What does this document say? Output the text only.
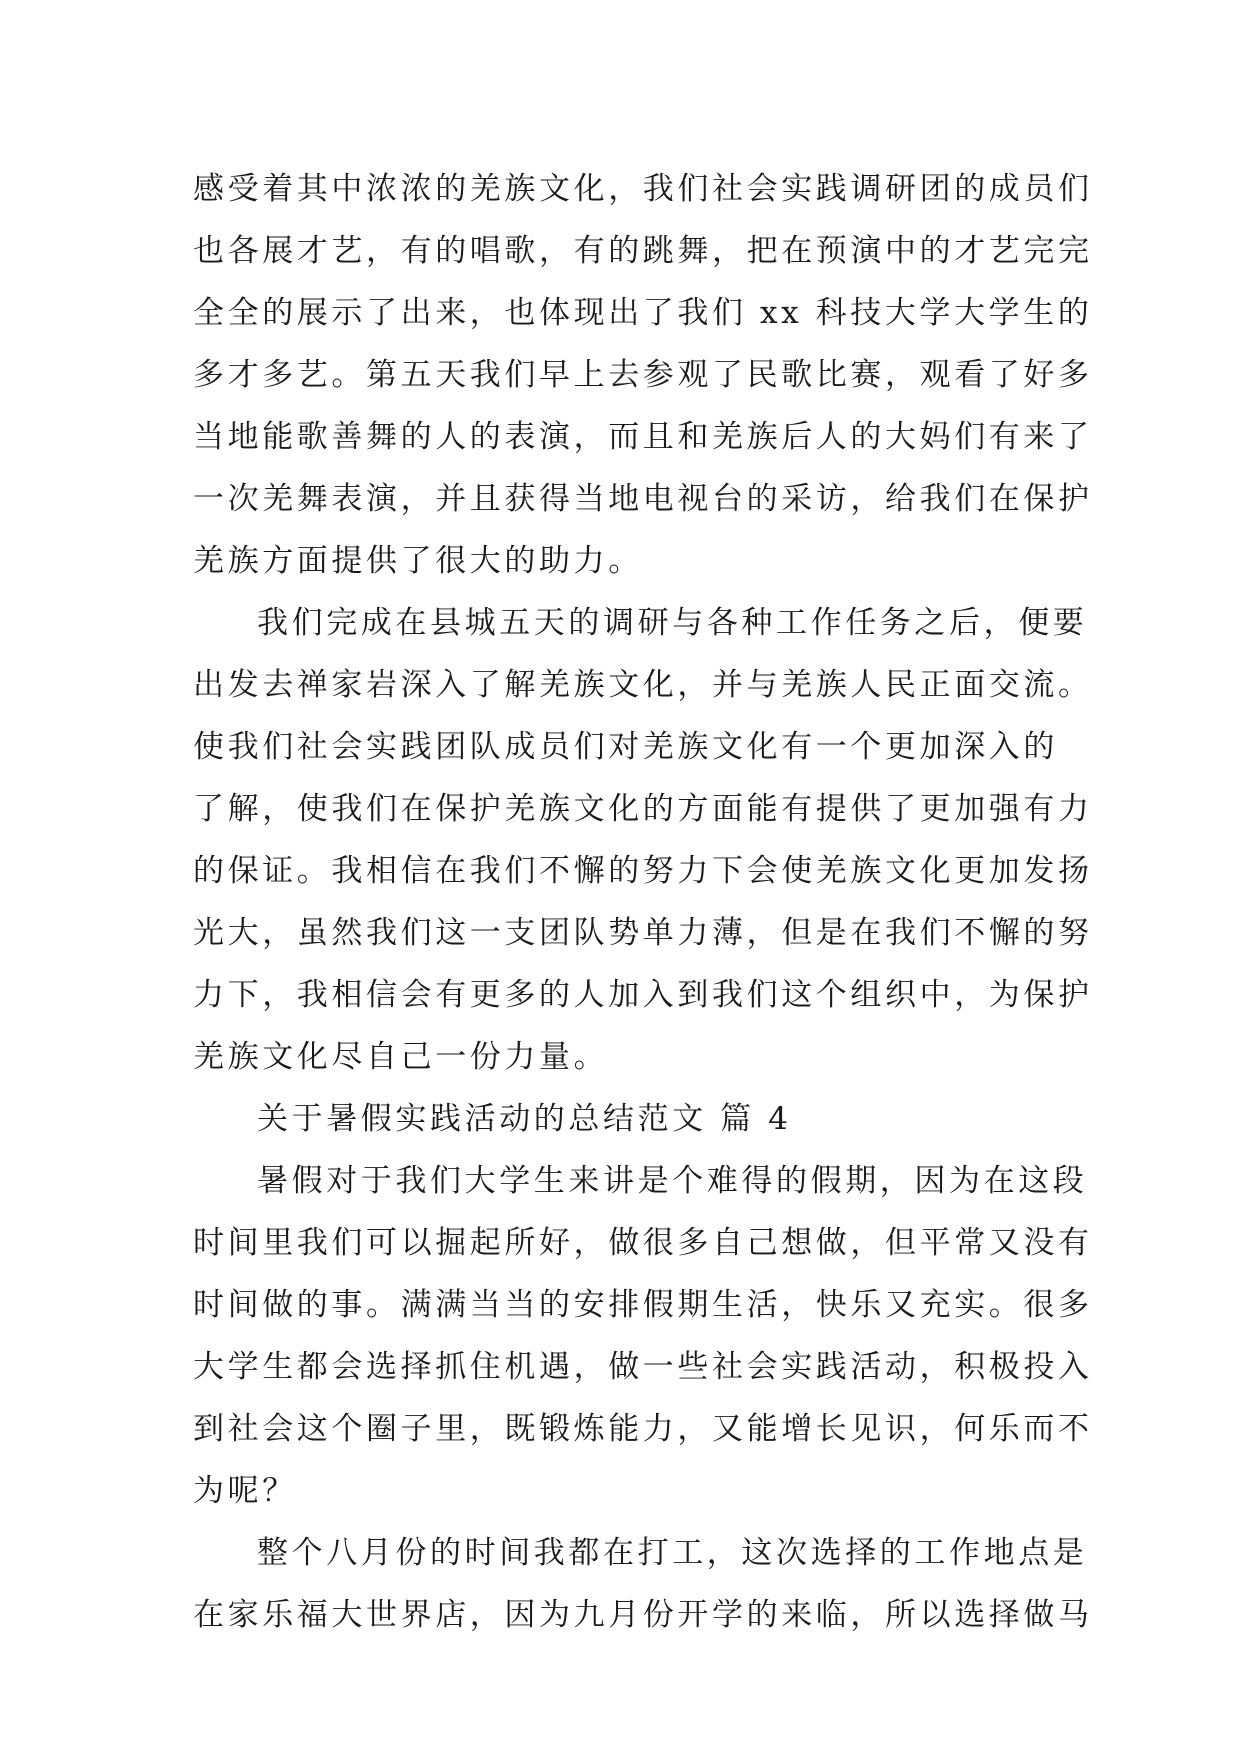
感受着其中浓浓的羌族文化，我们社会实践调研团的成员们
也各展才艺，有的唱歌，有的跳舞，把在预演中的才艺完完
全全的展示了出来，也体现出了我们 xx 科技大学大学生的
多才多艺。第五天我们早上去参观了民歌比赛，观看了好多
当地能歌善舞的人的表演，而且和羌族后人的大妈们有来了
一次羌舞表演，并且获得当地电视台的采访，给我们在保护
羌族方面提供了很大的助力。
我们完成在县城五天的调研与各种工作任务之后，便要
出发去禅家岩深入了解羌族文化，并与羌族人民正面交流。
使我们社会实践团队成员们对羌族文化有一个更加深入的
了解，使我们在保护羌族文化的方面能有提供了更加强有力
的保证。我相信在我们不懈的努力下会使羌族文化更加发扬
光大，虽然我们这一支团队势单力薄，但是在我们不懈的努
力下，我相信会有更多的人加入到我们这个组织中，为保护
羌族文化尽自己一份力量。
关于暑假实践活动的总结范文 篇 4
暑假对于我们大学生来讲是个难得的假期，因为在这段
时间里我们可以掘起所好，做很多自己想做，但平常又没有
时间做的事。满满当当的安排假期生活，快乐又充实。很多
大学生都会选择抓住机遇，做一些社会实践活动，积极投入
到社会这个圈子里，既锻炼能力，又能增长见识，何乐而不
为呢？
整个八月份的时间我都在打工，这次选择的工作地点是
在家乐福大世界店，因为九月份开学的来临，所以选择做马
